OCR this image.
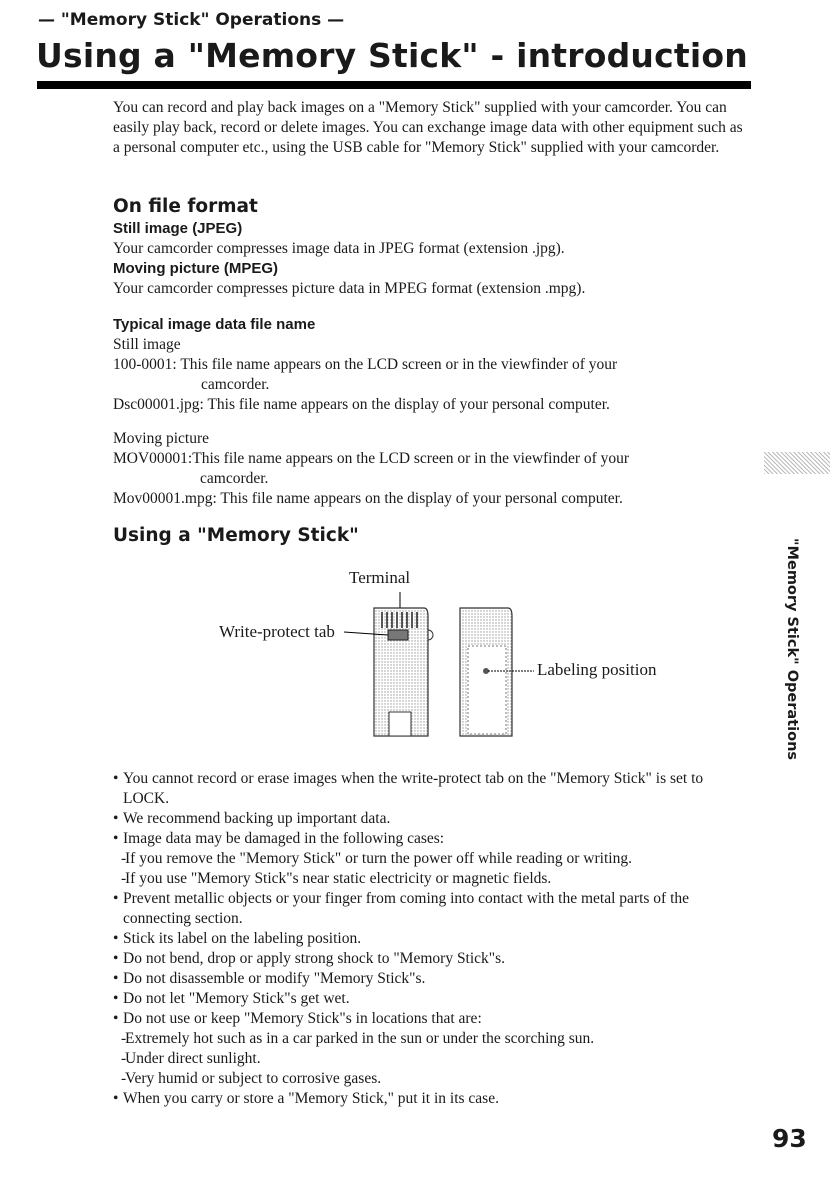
— "Memory Stick" Operations —
Using a "Memory Stick" - introduction

You can record and play back images on a "Memory Stick" supplied with your camcorder. You can easily play back, record or delete images. You can exchange image data with other equipment such as a personal computer etc., using the USB cable for "Memory Stick" supplied with your camcorder.

On file format

Still image (JPEG)

Your camcorder compresses image data in JPEG format (extension .jpg).

Moving picture (MPEG)

Your camcorder compresses picture data in MPEG format (extension .mpg).

Typical image data file name

Still image

100-0001: This file name appears on the LCD screen or in the viewfinder of your

camcorder.

Dsc00001.jpg: This file name appears on the display of your personal computer.

Moving picture

MOV00001:This file name appears on the LCD screen or in the viewfinder of your

camcorder.

Mov00001.mpg: This file name appears on the display of your personal computer.

Using a "Memory Stick"
Terminal
Write-protect tab
Labeling position
• You cannot record or erase images when the write-protect tab on the "Memory Stick" is set to LOCK.
• We recommend backing up important data.
• Image data may be damaged in the following cases:
-
If you remove the "Memory Stick" or turn the power off while reading or writing.
-
If you use "Memory Stick"s near static electricity or magnetic fields.
• Prevent metallic objects or your finger from coming into contact with the metal parts of the connecting section.
• Stick its label on the labeling position.
• Do not bend, drop or apply strong shock to "Memory Stick"s.
• Do not disassemble or modify "Memory Stick"s.
• Do not let "Memory Stick"s get wet.
• Do not use or keep "Memory Stick"s in locations that are:
-
Extremely hot such as in a car parked in the sun or under the scorching sun.
-
Under direct sunlight.
-
Very humid or subject to corrosive gases.
• When you carry or store a "Memory Stick," put it in its case.
"Memory Stick" Operations
93
